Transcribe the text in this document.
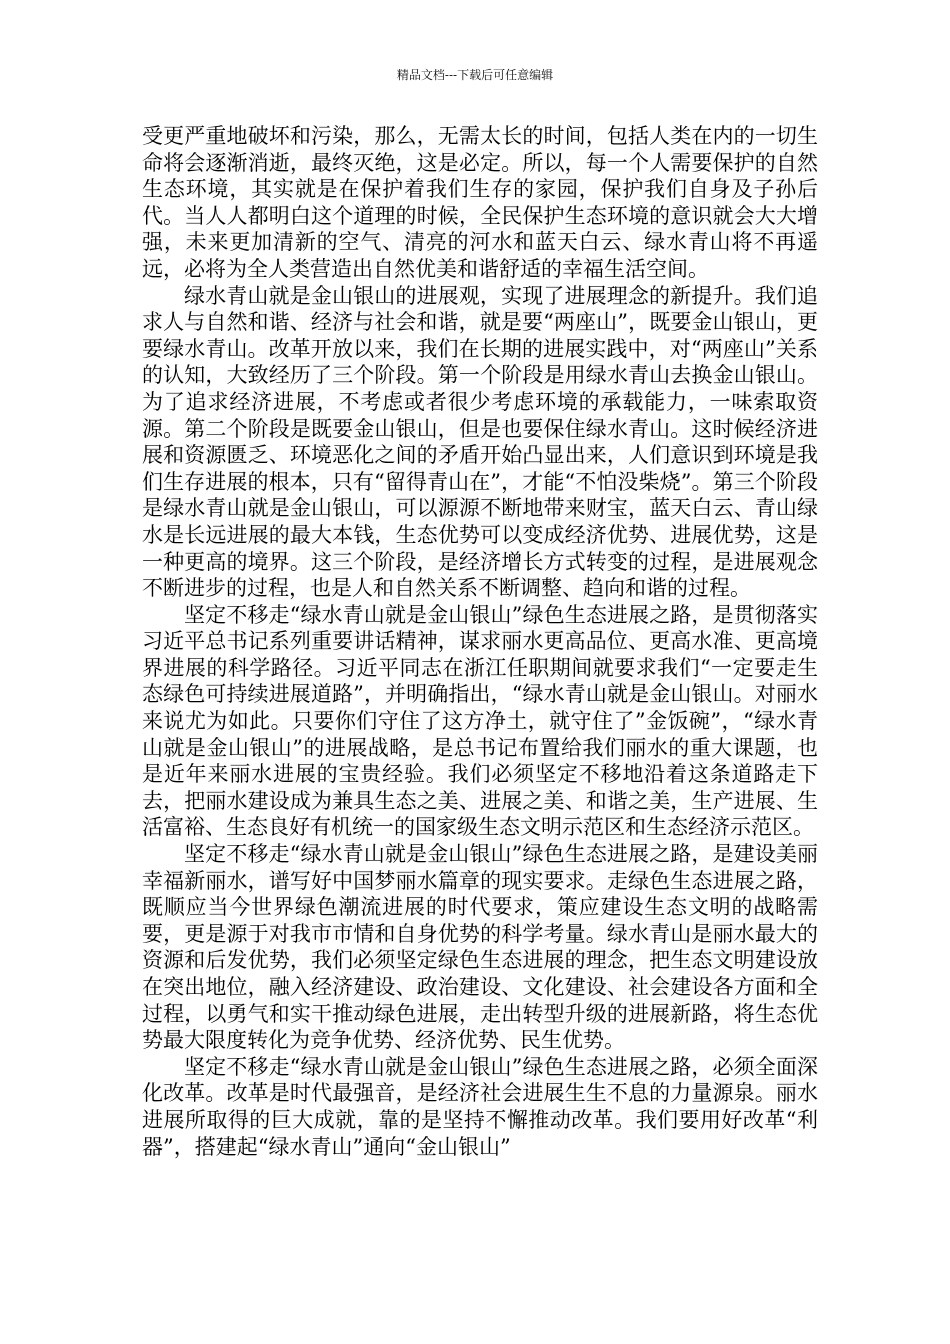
精品文档---下载后可任意编辑

受更严重地破坏和污染，那么，无需太长的时间，包括人类在内的一切生命将会逐渐消逝，最终灭绝，这是必定。所以，每一个人需要保护的自然生态环境，其实就是在保护着我们生存的家园，保护我们自身及子孙后代。当人人都明白这个道理的时候，全民保护生态环境的意识就会大大增强，未来更加清新的空气、清亮的河水和蓝天白云、绿水青山将不再遥远，必将为全人类营造出自然优美和谐舒适的幸福生活空间。

绿水青山就是金山银山的进展观，实现了进展理念的新提升。我们追求人与自然和谐、经济与社会和谐，就是要“两座山”，既要金山银山，更要绿水青山。改革开放以来，我们在长期的进展实践中，对“两座山”关系的认知，大致经历了三个阶段。第一个阶段是用绿水青山去换金山银山。为了追求经济进展，不考虑或者很少考虑环境的承载能力，一味索取资源。第二个阶段是既要金山银山，但是也要保住绿水青山。这时候经济进展和资源匮乏、环境恶化之间的矛盾开始凸显出来，人们意识到环境是我们生存进展的根本，只有“留得青山在”，才能“不怕没柴烧”。第三个阶段是绿水青山就是金山银山，可以源源不断地带来财宝，蓝天白云、青山绿水是长远进展的最大本钱，生态优势可以变成经济优势、进展优势，这是一种更高的境界。这三个阶段，是经济增长方式转变的过程，是进展观念不断进步的过程，也是人和自然关系不断调整、趋向和谐的过程。

坚定不移走“绿水青山就是金山银山”绿色生态进展之路，是贯彻落实习近平总书记系列重要讲话精神，谋求丽水更高品位、更高水准、更高境界进展的科学路径。习近平同志在浙江任职期间就要求我们“一定要走生态绿色可持续进展道路”，并明确指出，“绿水青山就是金山银山。对丽水来说尤为如此。只要你们守住了这方净土，就守住了”金饭碗”，“绿水青山就是金山银山”的进展战略，是总书记布置给我们丽水的重大课题，也是近年来丽水进展的宝贵经验。我们必须坚定不移地沿着这条道路走下去，把丽水建设成为兼具生态之美、进展之美、和谐之美，生产进展、生活富裕、生态良好有机统一的国家级生态文明示范区和生态经济示范区。

坚定不移走“绿水青山就是金山银山”绿色生态进展之路，是建设美丽幸福新丽水，谱写好中国梦丽水篇章的现实要求。走绿色生态进展之路，既顺应当今世界绿色潮流进展的时代要求，策应建设生态文明的战略需要，更是源于对我市市情和自身优势的科学考量。绿水青山是丽水最大的资源和后发优势，我们必须坚定绿色生态进展的理念，把生态文明建设放在突出地位，融入经济建设、政治建设、文化建设、社会建设各方面和全过程，以勇气和实干推动绿色进展，走出转型升级的进展新路，将生态优势最大限度转化为竞争优势、经济优势、民生优势。

坚定不移走“绿水青山就是金山银山”绿色生态进展之路，必须全面深化改革。改革是时代最强音，是经济社会进展生生不息的力量源泉。丽水进展所取得的巨大成就，靠的是坚持不懈推动改革。我们要用好改革“利器”，搭建起“绿水青山”通向“金山银山”
